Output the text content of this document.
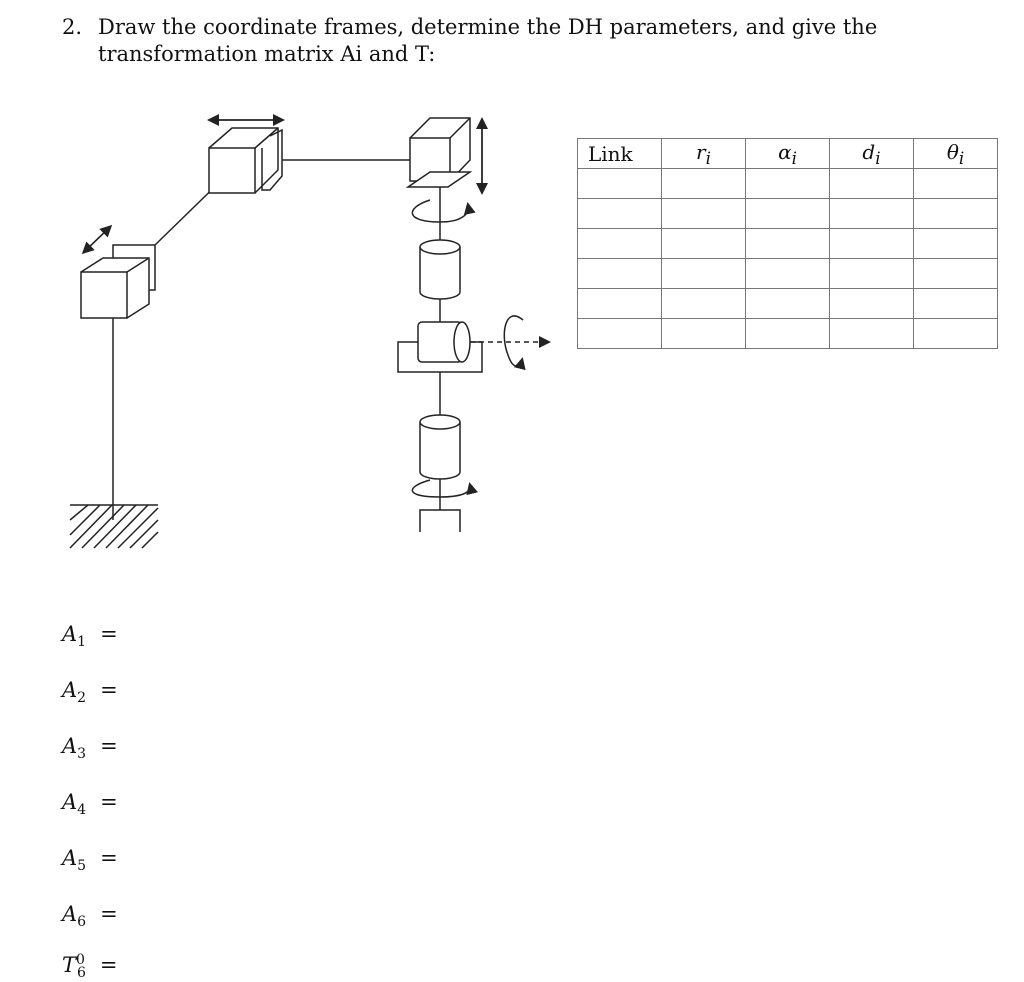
2. Draw the coordinate frames, determine the DH parameters, and give the transformation matrix Ai and T:
Link	$r_i$	$\alpha_i$	$d_i$	$\theta_i$

$A_1$ =
$A_2$ =
$A_3$ =
$A_4$ =
$A_5$ =
$A_6$ =
$T^0_6$ =
